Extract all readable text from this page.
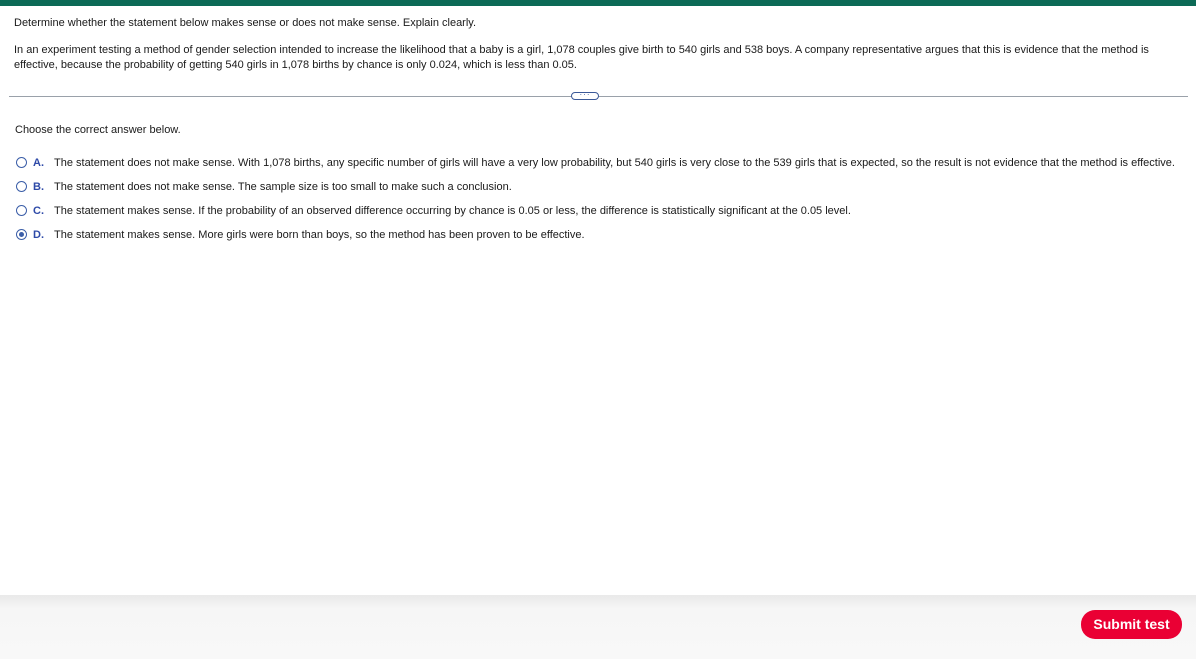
Determine whether the statement below makes sense or does not make sense. Explain clearly.

In an experiment testing a method of gender selection intended to increase the likelihood that a baby is a girl, 1,078 couples give birth to 540 girls and 538 boys. A company representative argues that this is evidence that the method is effective, because the probability of getting 540 girls in 1,078 births by chance is only 0.024, which is less than 0.05.

···
Choose the correct answer below.
A. The statement does not make sense. With 1,078 births, any specific number of girls will have a very low probability, but 540 girls is very close to the 539 girls that is expected, so the result is not evidence that the method is effective.
B. The statement does not make sense. The sample size is too small to make such a conclusion.
C. The statement makes sense. If the probability of an observed difference occurring by chance is 0.05 or less, the difference is statistically significant at the 0.05 level.
D. The statement makes sense. More girls were born than boys, so the method has been proven to be effective.
Submit test
